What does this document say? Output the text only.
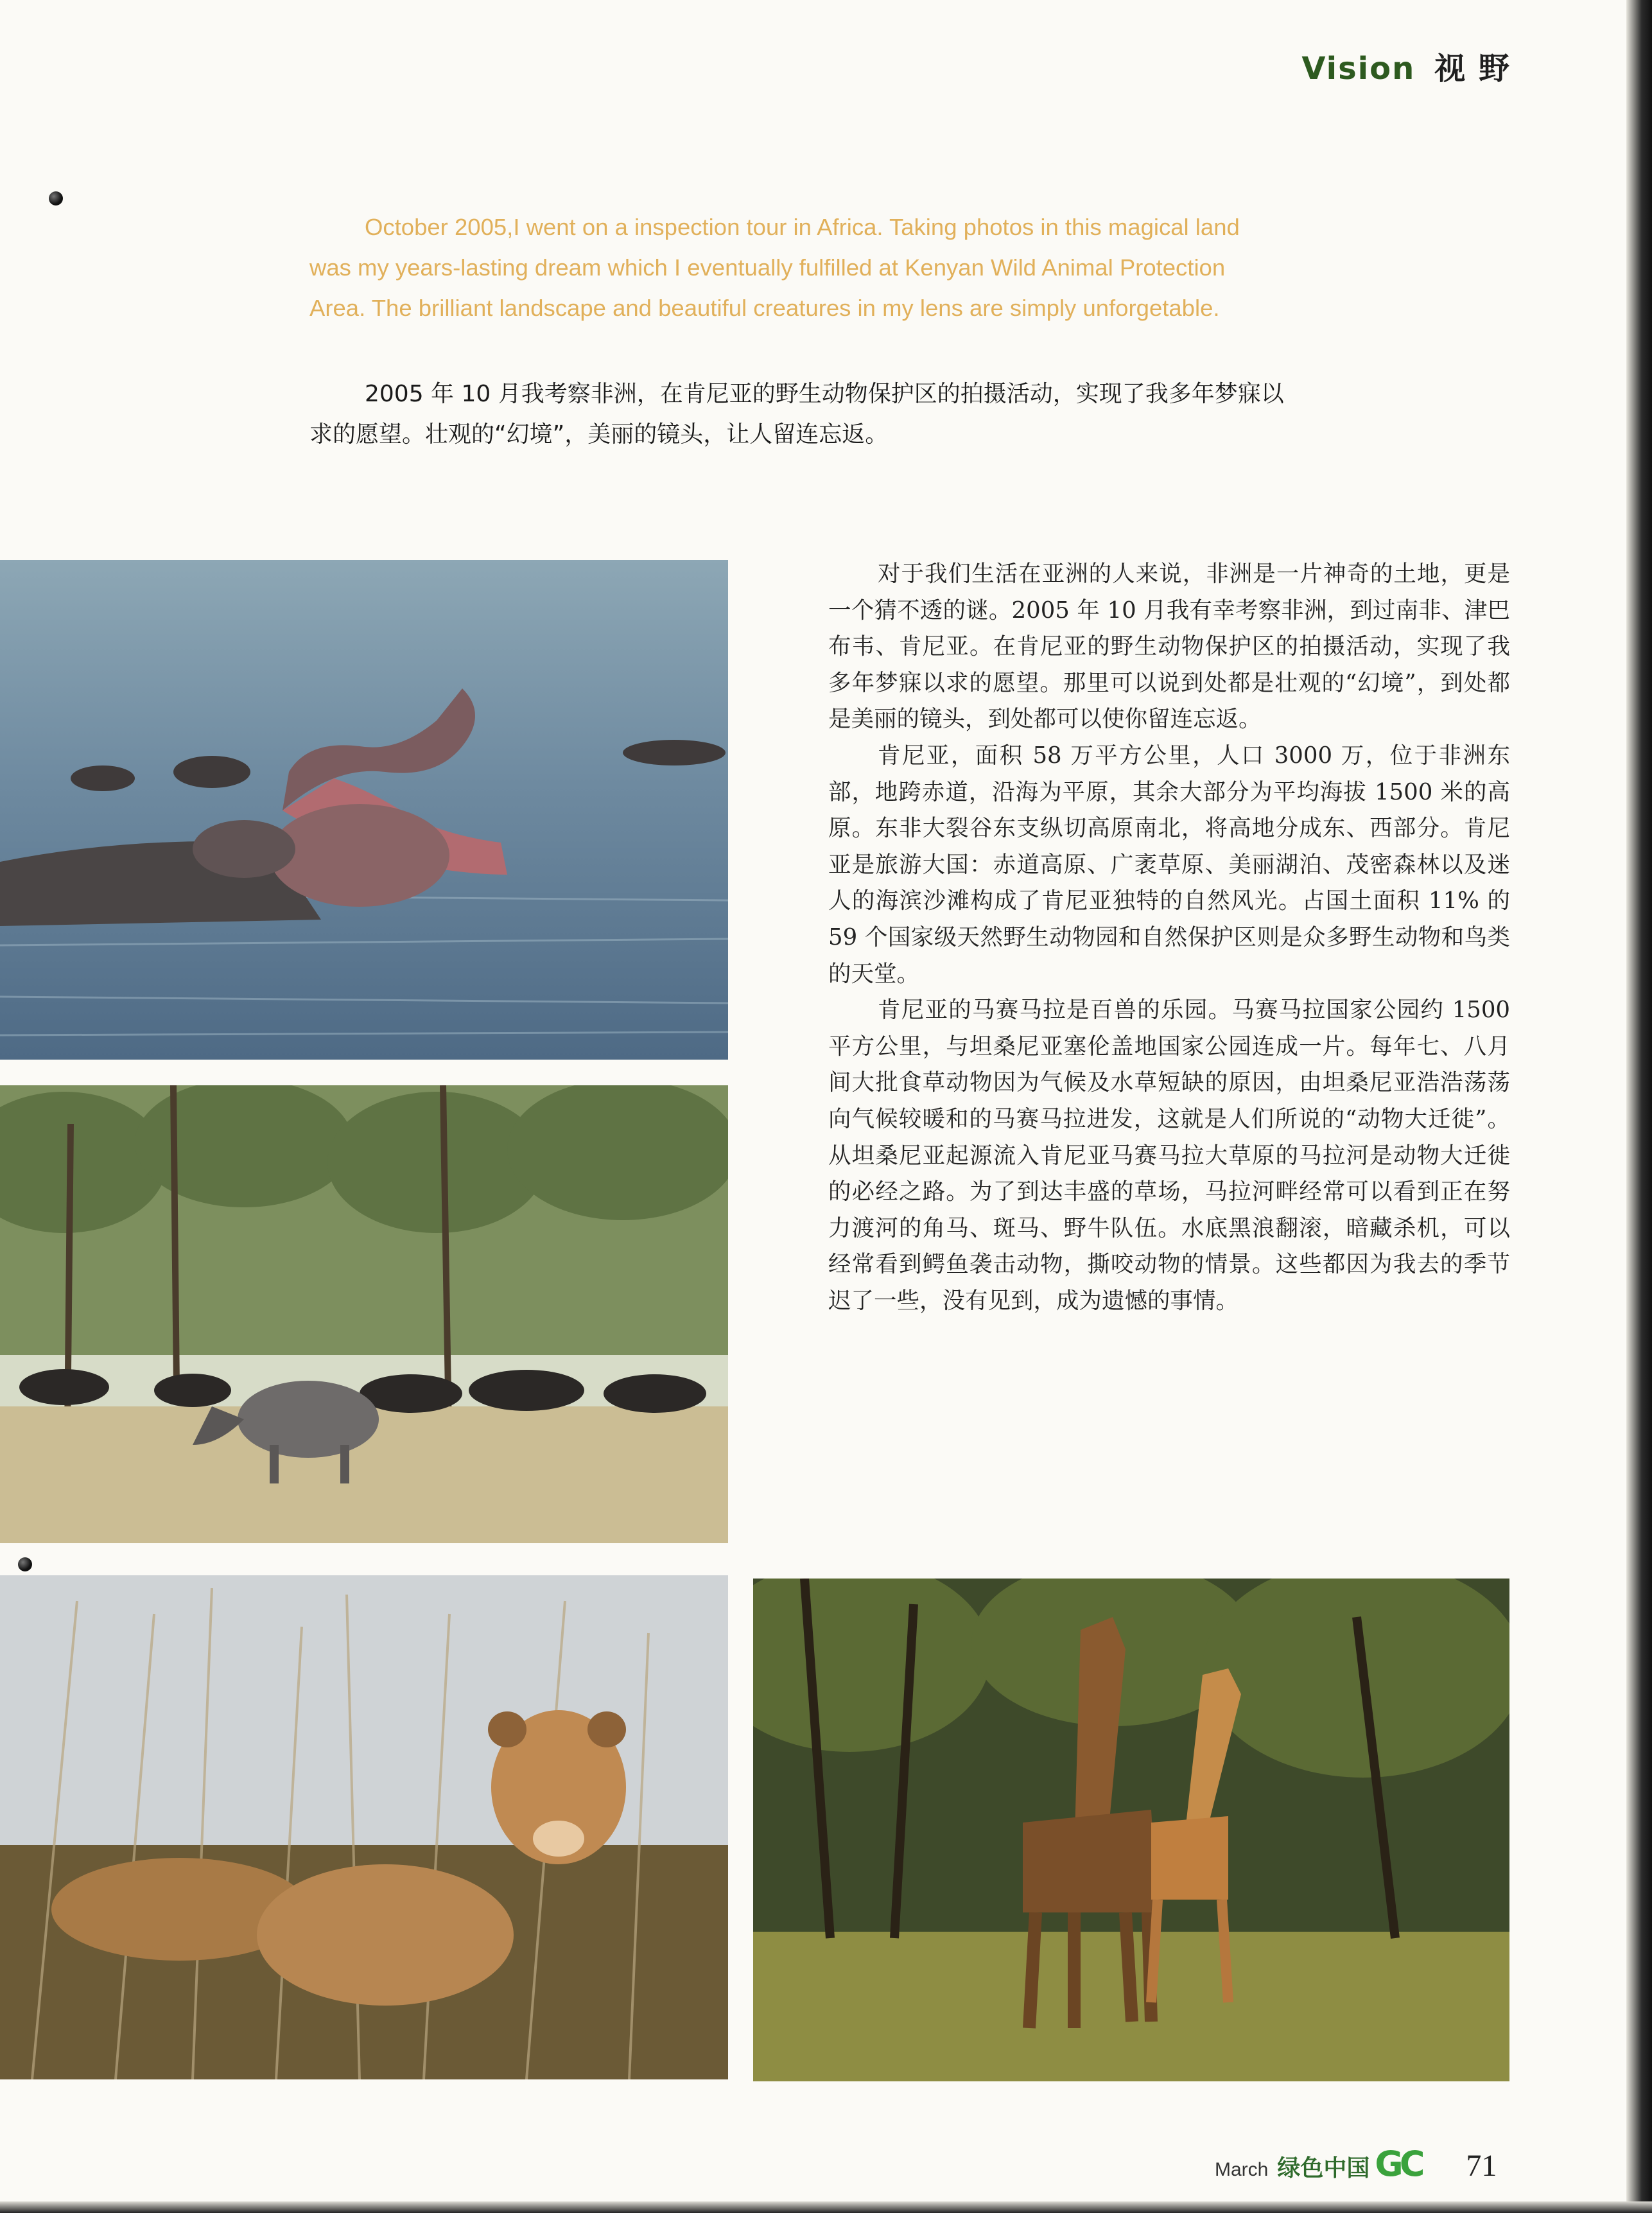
Vision 视 野
October 2005,I went on a inspection tour in Africa. Taking photos in this magical land was my years-lasting dream which I eventually fulfilled at Kenyan Wild Animal Protection Area. The brilliant landscape and beautiful creatures in my lens are simply unforgetable.
2005 年 10 月我考察非洲，在肯尼亚的野生动物保护区的拍摄活动，实现了我多年梦寐以求的愿望。壮观的“幻境”，美丽的镜头，让人留连忘返。

对于我们生活在亚洲的人来说，非洲是一片神奇的土地，更是一个猜不透的谜。2005 年 10 月我有幸考察非洲，到过南非、津巴布韦、肯尼亚。在肯尼亚的野生动物保护区的拍摄活动，实现了我多年梦寐以求的愿望。那里可以说到处都是壮观的“幻境”，到处都是美丽的镜头，到处都可以使你留连忘返。

肯尼亚，面积 58 万平方公里，人口 3000 万，位于非洲东部，地跨赤道，沿海为平原，其余大部分为平均海拔 1500 米的高原。东非大裂谷东支纵切高原南北，将高地分成东、西部分。肯尼亚是旅游大国：赤道高原、广袤草原、美丽湖泊、茂密森林以及迷人的海滨沙滩构成了肯尼亚独特的自然风光。占国土面积 11% 的 59 个国家级天然野生动物园和自然保护区则是众多野生动物和鸟类的天堂。

肯尼亚的马赛马拉是百兽的乐园。马赛马拉国家公园约 1500 平方公里，与坦桑尼亚塞伦盖地国家公园连成一片。每年七、八月间大批食草动物因为气候及水草短缺的原因，由坦桑尼亚浩浩荡荡向气候较暖和的马赛马拉进发，这就是人们所说的“动物大迁徙”。从坦桑尼亚起源流入肯尼亚马赛马拉大草原的马拉河是动物大迁徙的必经之路。为了到达丰盛的草场，马拉河畔经常可以看到正在努力渡河的角马、斑马、野牛队伍。水底黑浪翻滚，暗藏杀机，可以经常看到鳄鱼袭击动物，撕咬动物的情景。这些都因为我去的季节迟了一些，没有见到，成为遗憾的事情。

March 绿色中国 GC 71
